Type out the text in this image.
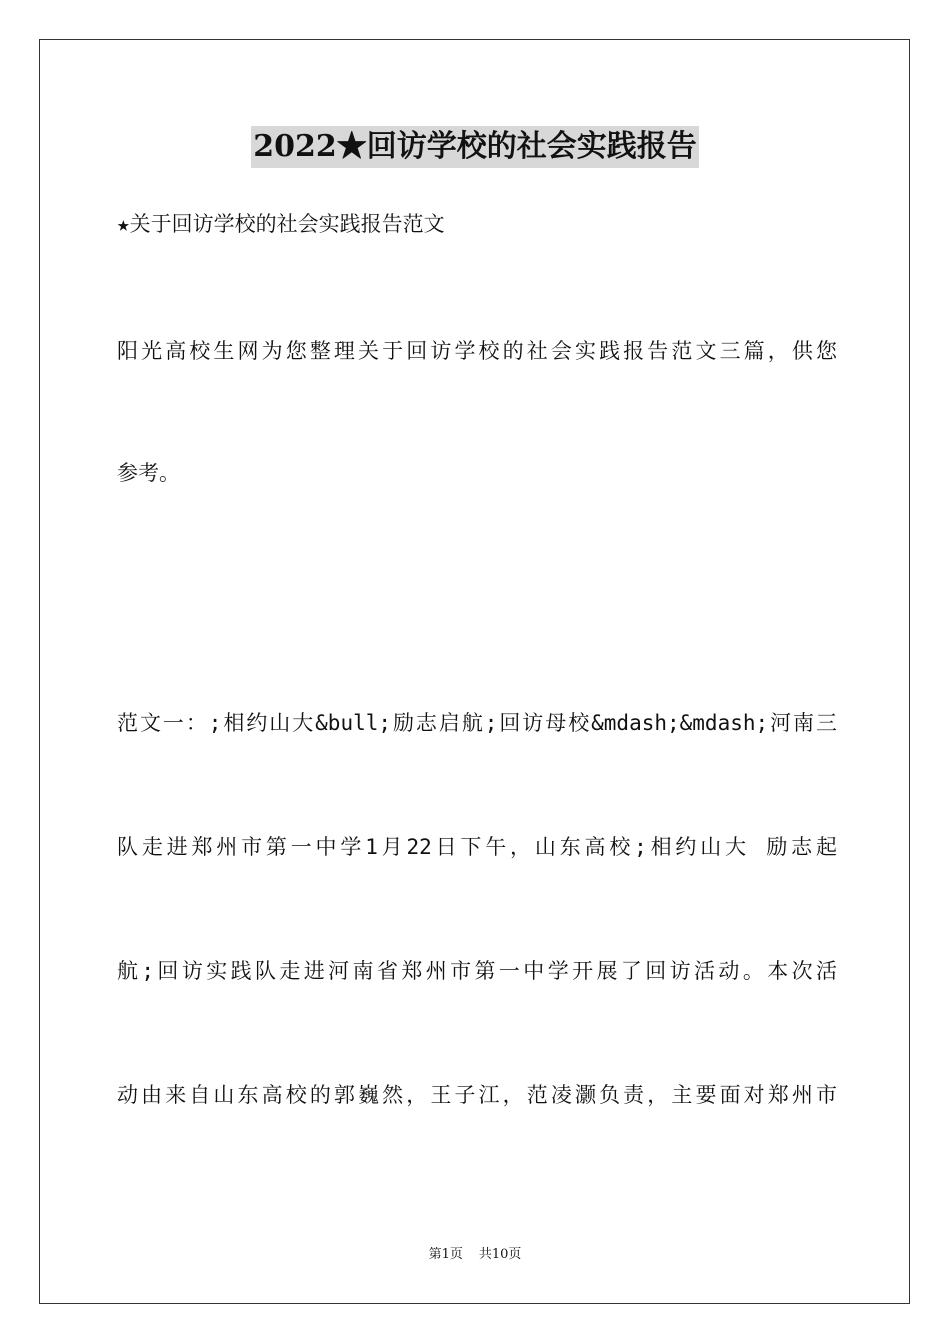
2022★回访学校的社会实践报告
★关于回访学校的社会实践报告范文
阳光高校生网为您整理关于回访学校的社会实践报告范文三篇，供您
参考。
范文一：;相约山大&bull;励志启航;回访母校&mdash;&mdash;河南三
队走进郑州市第一中学1月22日下午，山东高校;相约山大 励志起
航;回访实践队走进河南省郑州市第一中学开展了回访活动。本次活
动由来自山东高校的郭巍然，王子江，范凌灏负责，主要面对郑州市
第1页 共10页
